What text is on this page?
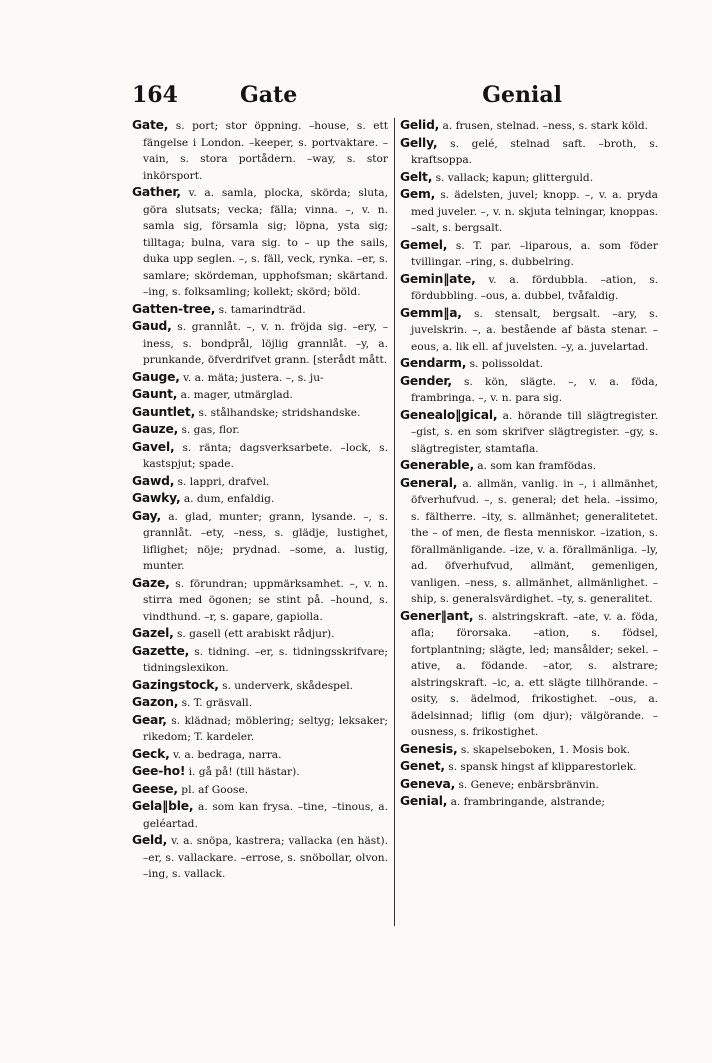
164	Gate	Genial

Gate, s. port; stor öppning. –house, s. ett fängelse i London. –keeper, s. portvaktare. –vain, s. stora portådern. –way, s. stor inkörsport.

Gather, v. a. samla, plocka, skörda; sluta, göra slutsats; vecka; fälla; vinna. –, v. n. samla sig, församla sig; löpna, ysta sig; tilltaga; bulna, vara sig. to – up the sails, duka upp seglen. –, s. fäll, veck, rynka. –er, s. samlare; skördeman, upphofsman; skärtand. –ing, s. folksamling; kollekt; skörd; böld.

Gatten-tree, s. tamarindträd.

Gaud, s. grannlåt. –, v. n. fröjda sig. –ery, –iness, s. bondprål, löjlig grannlåt. –y, a. prunkande, öfverdrifvet grann. [sterådt mått.

Gauge, v. a. mäta; justera. –, s. ju-

Gaunt, a. mager, utmärglad.

Gauntlet, s. stålhandske; stridshandske.

Gauze, s. gas, flor.

Gavel, s. ränta; dagsverksarbete. –lock, s. kastspjut; spade.

Gawd, s. lappri, drafvel.

Gawky, a. dum, enfaldig.

Gay, a. glad, munter; grann, lysande. –, s. grannlåt. –ety, –ness, s. glädje, lustighet, liflighet; nöje; prydnad. –some, a. lustig, munter.

Gaze, s. förundran; uppmärksamhet. –, v. n. stirra med ögonen; se stint på. –hound, s. vindthund. –r, s. gapare, gapiolla.

Gazel, s. gasell (ett arabiskt rådjur).

Gazette, s. tidning. –er, s. tidningsskrifvare; tidningslexikon.

Gazingstock, s. underverk, skådespel.

Gazon, s. T. gräsvall.

Gear, s. klädnad; möblering; seltyg; leksaker; rikedom; T. kardeler.

Geck, v. a. bedraga, narra.

Gee-ho! i. gå på! (till hästar).

Geese, pl. af Goose.

Gela‖ble, a. som kan frysa. –tine, –tinous, a. geléartad.

Geld, v. a. snöpa, kastrera; vallacka (en häst). –er, s. vallackare. –errose, s. snöbollar, olvon. –ing, s. vallack.

Gelid, a. frusen, stelnad. –ness, s. stark köld.

Gelly, s. gelé, stelnad saft. –broth, s. kraftsoppa.

Gelt, s. vallack; kapun; glitterguld.

Gem, s. ädelsten, juvel; knopp. –, v. a. pryda med juveler. –, v. n. skjuta telningar, knoppas. –salt, s. bergsalt.

Gemel, s. T. par. –liparous, a. som föder tvillingar. –ring, s. dubbelring.

Gemin‖ate, v. a. fördubbla. –ation, s. fördubbling. –ous, a. dubbel, tvåfaldig.

Gemm‖a, s. stensalt, bergsalt. –ary, s. juvelskrin. –, a. bestående af bästa stenar. –eous, a. lik ell. af juvelsten. –y, a. juvelartad.

Gendarm, s. polissoldat.

Gender, s. kön, slägte. –, v. a. föda, frambringa. –, v. n. para sig.

Genealo‖gical, a. hörande till slägtregister. –gist, s. en som skrifver slägtregister. –gy, s. slägtregister, stamtafla.

Generable, a. som kan framfödas.

General, a. allmän, vanlig. in –, i allmänhet, öfverhufvud. –, s. general; det hela. –issimo, s. fältherre. –ity, s. allmänhet; generalitetet. the – of men, de flesta menniskor. –ization, s. förallmänligande. –ize, v. a. förallmänliga. –ly, ad. öfverhufvud, allmänt, gemenligen, vanligen. –ness, s. allmänhet, allmänlighet. –ship, s. generalsvärdighet. –ty, s. generalitet.

Gener‖ant, s. alstringskraft. –ate, v. a. föda, afla; förorsaka. –ation, s. födsel, fortplantning; slägte, led; mansålder; sekel. –ative, a. födande. –ator, s. alstrare; alstringskraft. –ic, a. ett slägte tillhörande. –osity, s. ädelmod, frikostighet. –ous, a. ädelsinnad; liflig (om djur); välgörande. –ousness, s. frikostighet.

Genesis, s. skapelseboken, 1. Mosis bok.

Genet, s. spansk hingst af klipparestorlek.

Geneva, s. Geneve; enbärsbränvin.

Genial, a. frambringande, alstrande;
